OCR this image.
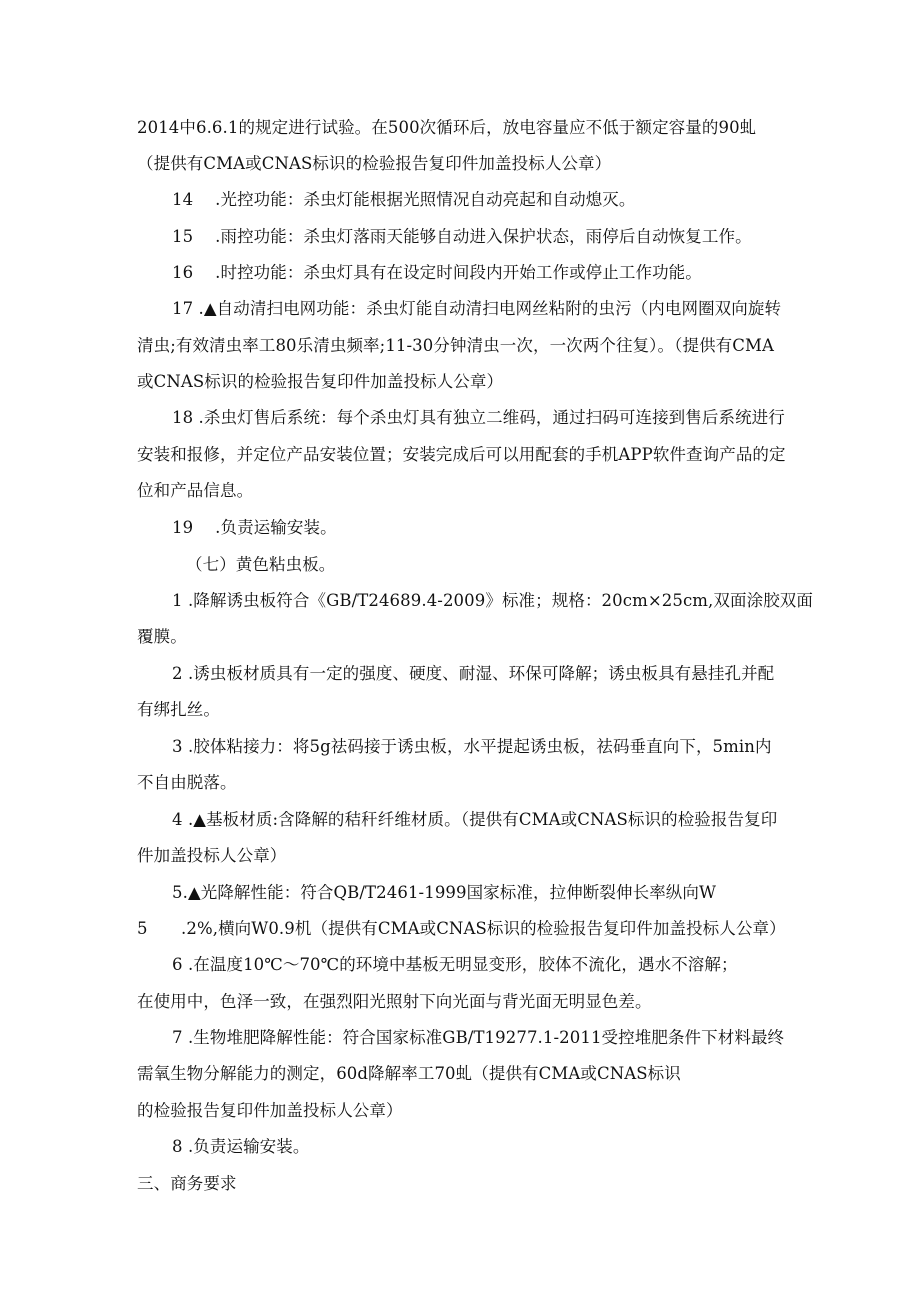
2014中6.6.1的规定进行试验。在500次循环后，放电容量应不低于额定容量的90虬
（提供有CMA或CNAS标识的检验报告复印件加盖投标人公章）
14　 .光控功能：杀虫灯能根据光照情况自动亮起和自动熄灭。
15　 .雨控功能：杀虫灯落雨天能够自动进入保护状态，雨停后自动恢复工作。
16　 .时控功能：杀虫灯具有在设定时间段内开始工作或停止工作功能。
17 .▲自动清扫电网功能：杀虫灯能自动清扫电网丝粘附的虫污（内电网圈双向旋转
清虫;有效清虫率工80乐清虫频率;11-30分钟清虫一次，一次两个往复）。（提供有CMA
或CNAS标识的检验报告复印件加盖投标人公章）
18 .杀虫灯售后系统：每个杀虫灯具有独立二维码，通过扫码可连接到售后系统进行
安装和报修，并定位产品安装位置；安装完成后可以用配套的手机APP软件查询产品的定
位和产品信息。
19　 .负责运输安装。
（七）黄色粘虫板。
1 .降解诱虫板符合《GB/T24689.4-2009》标准；规格：20cm×25cm,双面涂胶双面
覆膜。
2 .诱虫板材质具有一定的强度、硬度、耐湿、环保可降解；诱虫板具有悬挂孔并配
有绑扎丝。
3 .胶体粘接力：将5g祛码接于诱虫板，水平提起诱虫板，祛码垂直向下，5min内
不自由脱落。
4 .▲基板材质:含降解的秸秆纤维材质。（提供有CMA或CNAS标识的检验报告复印
件加盖投标人公章）
5.▲光降解性能：符合QB/T2461-1999国家标准，拉伸断裂伸长率纵向W
5 .2%,横向W0.9机（提供有CMA或CNAS标识的检验报告复印件加盖投标人公章）
6 .在温度10℃～70℃的环境中基板无明显变形，胶体不流化，遇水不溶解；
在使用中，色泽一致，在强烈阳光照射下向光面与背光面无明显色差。
7 .生物堆肥降解性能：符合国家标准GB/T19277.1-2011受控堆肥条件下材料最终
需氧生物分解能力的测定，60d降解率工70虬（提供有CMA或CNAS标识
的检验报告复印件加盖投标人公章）
8 .负责运输安装。
三、商务要求
